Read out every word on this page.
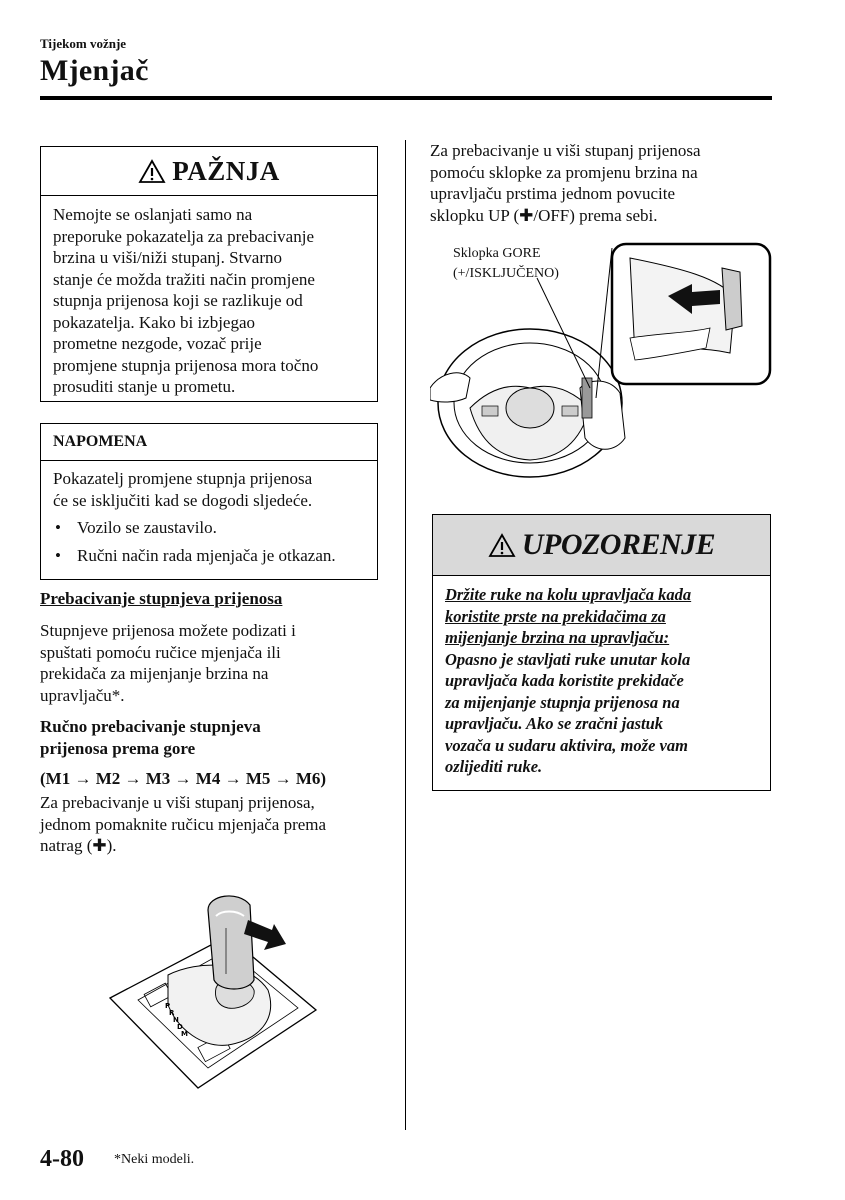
Tijekom vožnje
Mjenjač
PAŽNJA
Nemojte se oslanjati samo na
preporuke pokazatelja za prebacivanje
brzina u viši/niži stupanj. Stvarno
stanje će možda tražiti način promjene
stupnja prijenosa koji se razlikuje od
pokazatelja. Kako bi izbjegao
prometne nezgode, vozač prije
promjene stupnja prijenosa mora točno
prosuditi stanje u prometu.
NAPOMENA
Pokazatelj promjene stupnja prijenosa
će se isključiti kad se dogodi sljedeće.
• Vozilo se zaustavilo.
• Ručni način rada mjenjača je otkazan.
Prebacivanje stupnjeva prijenosa
Stupnjeve prijenosa možete podizati i
spuštati pomoću ručice mjenjača ili
prekidača za mijenjanje brzina na
upravljaču*.
Ručno prebacivanje stupnjeva
prijenosa prema gore
(M1 → M2 → M3 → M4 → M5 → M6)
Za prebacivanje u viši stupanj prijenosa,
jednom pomaknite ručicu mjenjača prema
natrag (✚).
P
R
N
D
M
Za prebacivanje u viši stupanj prijenosa
pomoću sklopke za promjenu brzina na
upravljaču prstima jednom povucite
sklopku UP (✚/OFF) prema sebi.
Sklopka GORE
(+/ISKLJUČENO)
UPOZORENJE
Držite ruke na kolu upravljača kada
koristite prste na prekidačima za
mijenjanje brzina na upravljaču:
Opasno je stavljati ruke unutar kola
upravljača kada koristite prekidače
za mijenjanje stupnja prijenosa na
upravljaču. Ako se zračni jastuk
vozača u sudaru aktivira, može vam
ozlijediti ruke.
4-80 *Neki modeli.
